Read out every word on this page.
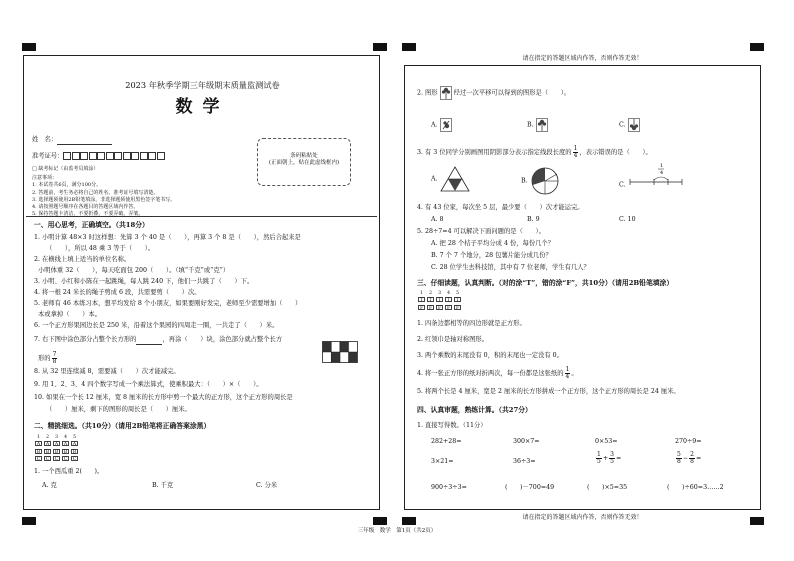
2023 年秋季学期三年级期末质量监测试卷
数学
姓　名：
准考证号：
□ 缺考标记（由监考员填涂）
注意事项：
1. 本试卷共6页，满分100分。
2. 答题前，考生务必将自己的姓名、准考证号填写清楚。
3. 选择题须使用2B铅笔填涂，非选择题须使用黑色签字笔书写。
4. 请按照题号顺序在各题目的答题区域内作答。
5. 保持答题卡清洁，不要折叠、不要弄破、弄皱。
条码粘贴处
(正面朝上，贴在此虚线框内)
一、用心思考，正确填空。（共18分）
1. 小明计算 48×3 时这样想：先算 3 个 40 是（　　），再算 3 个 8 是（　　），然后合起来是
（　　），所以 48 乘 3 等于（　　）。
2. 在横线上填上适当的单位名称。
小明体重 32（　　），每天吃面包 200（　　）。（填“千克”或“克”）
3. 小明、小红和小陈在一起跳绳，每人跳 240 下，他们一共跳了（　　）下。
4. 将一根 24 米长的绳子剪成 6 段，共需要剪（　　）次。
5. 老师有 46 本练习本，想平均发给 8 个小朋友，如果要刚好发完，老师至少需要增加（　　）
本或拿掉（　　）本。
6. 一个正方形果园边长是 250 米，沿着这个果园的四周走一圈，一共走了（　　）米。
7. 右下图中涂色部分占整个长方形的	，再涂（　　）块，涂色部分就占整个长方
形的 $\frac{7}{8}$
8. 从 32 里连续减 8，需要减（　　）次才能减完。
9. 用 1、2、3、4 四个数字写成一个乘法算式，使乘积最大：（　　）×（　　）。
10. 如果在一个长 12 厘米，宽 8 厘米的长方形中剪一个最大的正方形，这个正方形的周长是
（　　）厘米，剩下的图形的周长是（　　）厘米。
二、精挑细选。（共10分）（请用2B铅笔将正确答案涂黑）
1 2 3 4 5
A A A A A
B B B B B
C C C C C
1. 一个西瓜重 2(　　)。
A. 克	B. 千克	C. 分米
请在指定的答题区域内作答，否则作答无效！
2. 图形	经过一次平移可以得到的图形是（　　）。
A.	B.	C.
3. 有 3 位同学分别画图用阴影部分表示指定线段长度的 $\frac{1}{4}$ ，表示错误的是（　　）。
A.	B.
C.
1
4
4. 有 43 位家，每次坐 5 层，最少要（　　）次才能运完。
A. 8	B. 9	C. 10
5. 28÷7=4 可以解决下面问题的是（　　）。
A. 把 28 个桔子平均分成 4 份，每份几个？
B. 7 个 7 个地分，28 包薯片能分成几份？
C. 28 位学生去科技馆，其中有 7 位老师，学生有几人？
三、仔细读题，认真判断。（对的涂“T”，错的涂“F”，共10分）（请用2B铅笔填涂）
1 2 3 4 5
T T T T T
F F F F F
1. 四条边都相等的四边形就是正方形。
2. 红领巾是轴对称图形。
3. 两个乘数的末尾没有 0，积的末尾也一定没有 0。
4. 将一张正方形的纸对折两次，每一份都是这张纸的 $\frac{1}{4}$ 。
5. 将两个长是 4 厘米，宽是 2 厘米的长方形拼成一个正方形，这个正方形的周长是 24 厘米。
四、认真审题，熟练计算。（共27分）
1. 直接写得数。（11分）
282+28=	300×7=	0×53=	270÷9=
3×21=	36÷3=	$\frac{1}{5} + \frac{3}{5}$ =	$\frac{5}{8} - \frac{2}{8}$ =
900÷3÷3=	(　　)－700=49	(　　)×5=35	(　　)÷60=3……2
请在指定的答题区域内作答，否则作答无效！
三年级　数学　第1页（共2页）
